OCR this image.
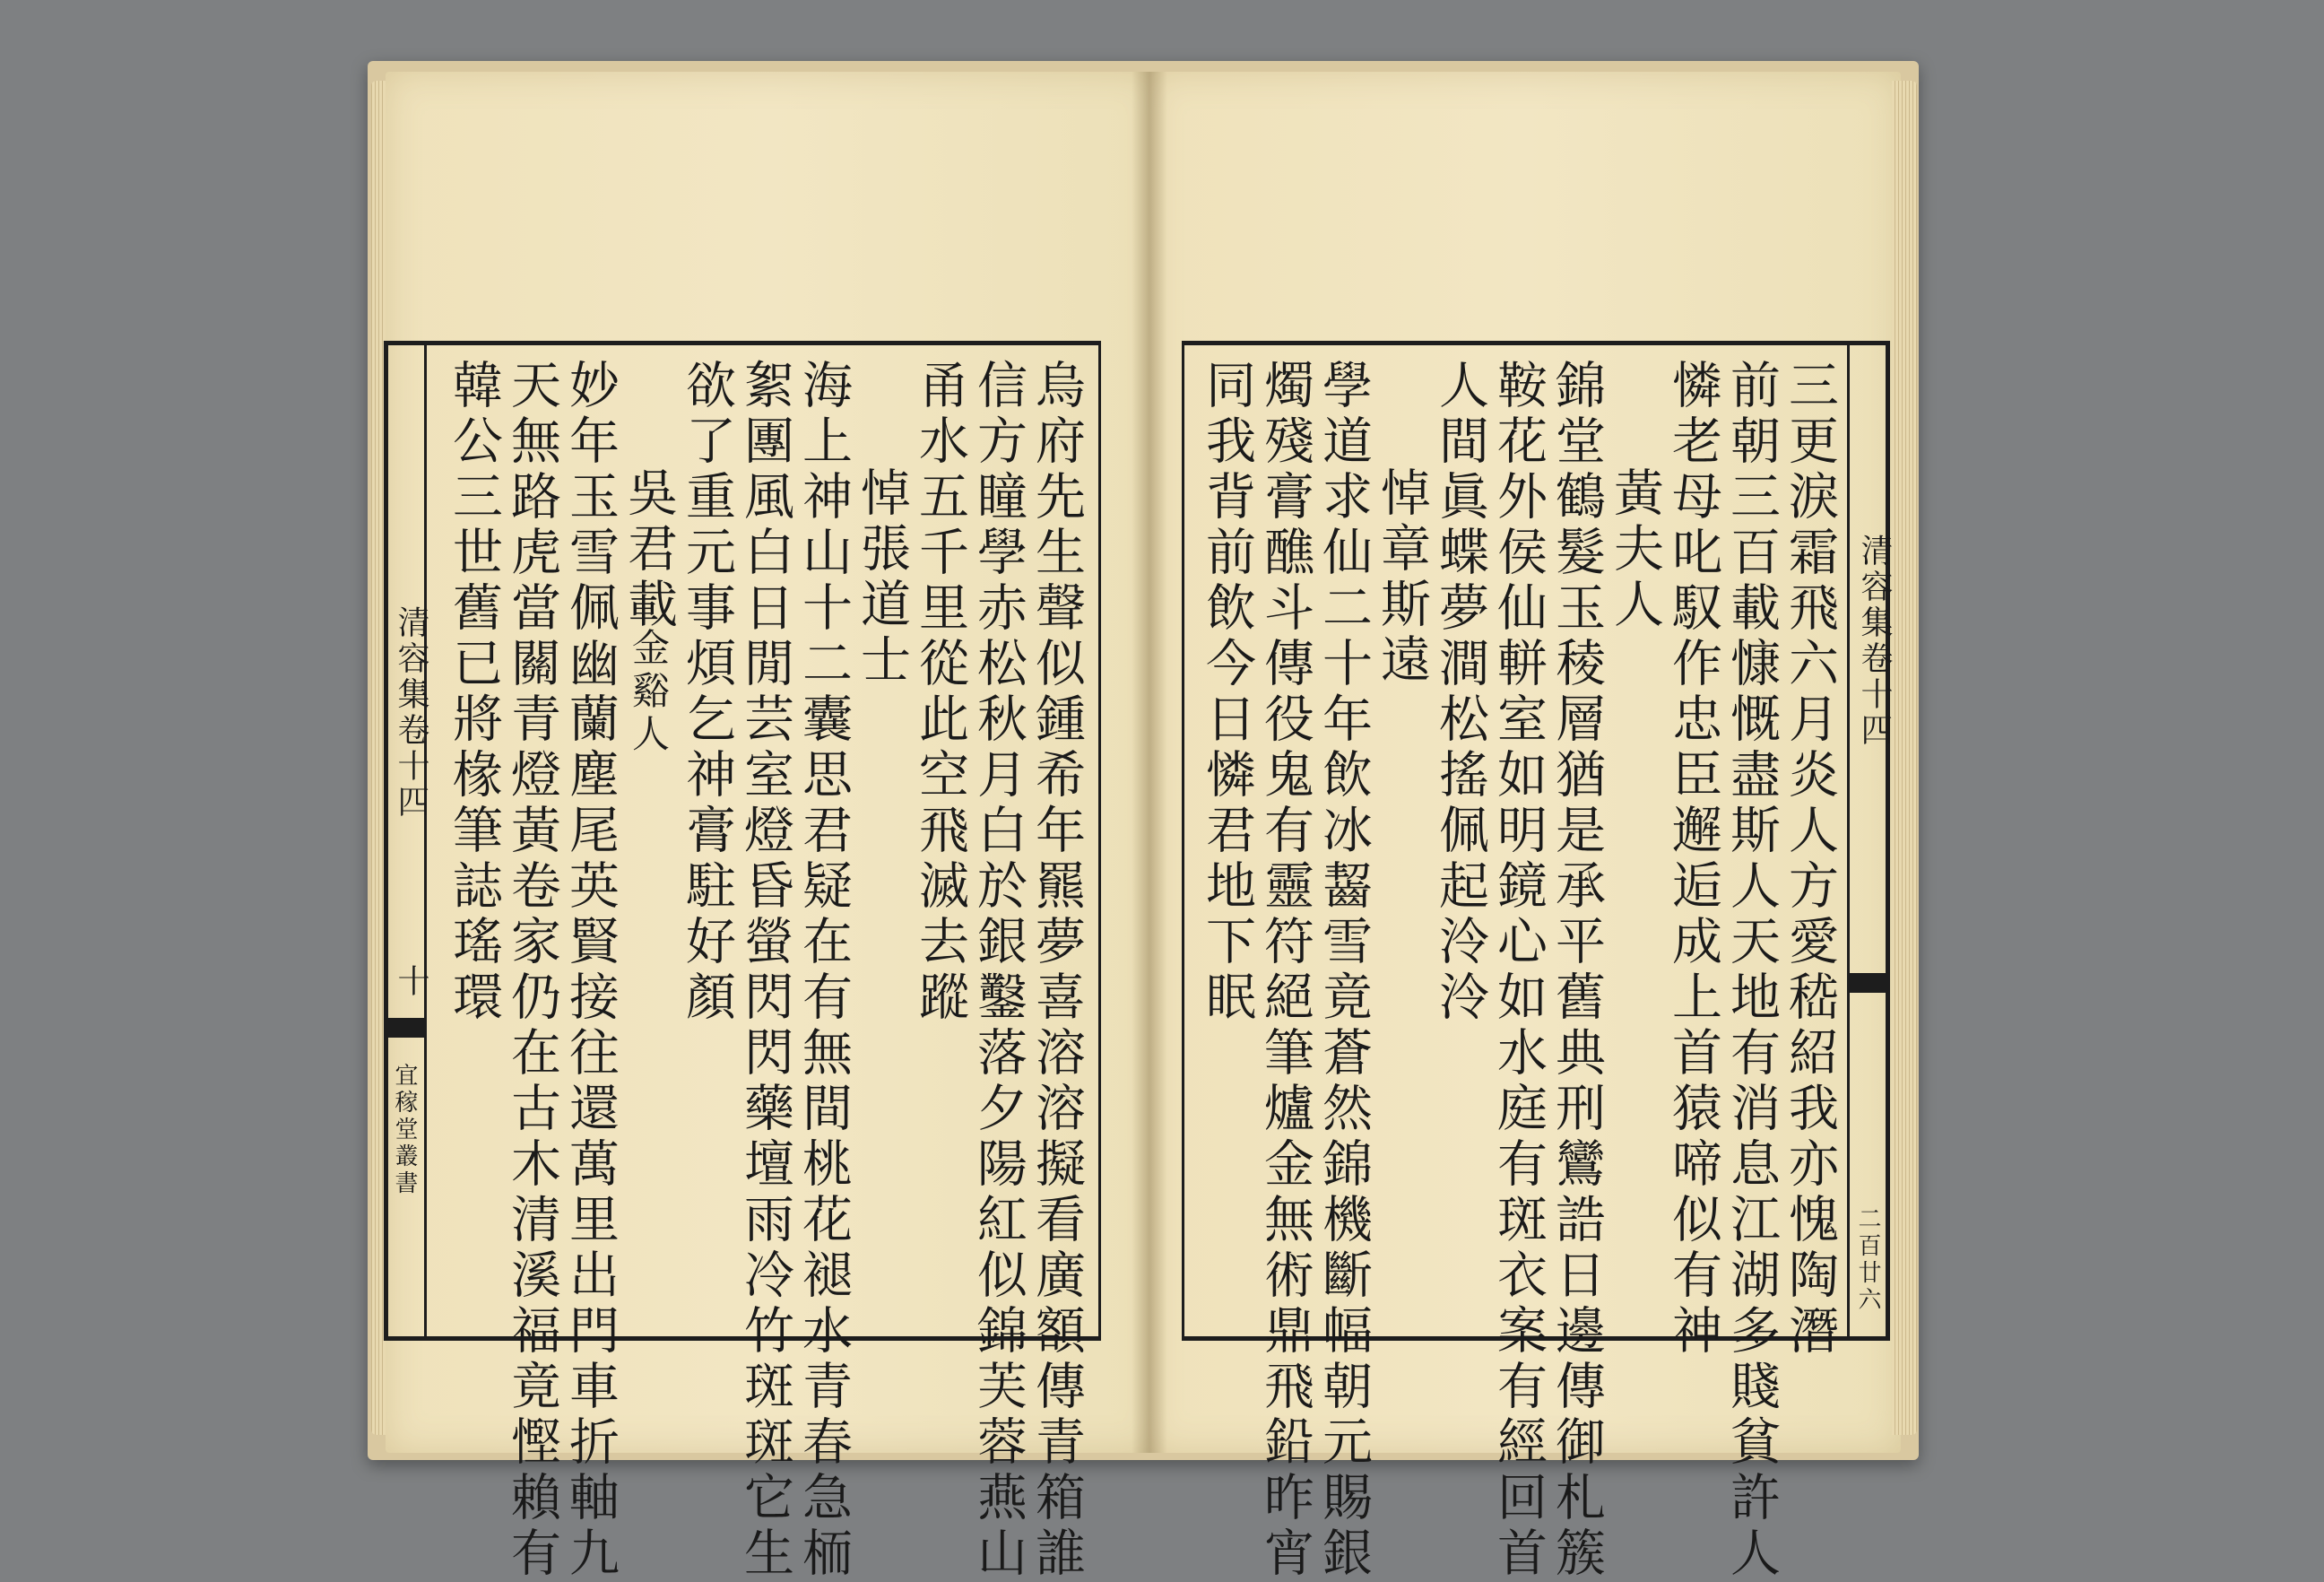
清容集卷十四
十
宜稼堂叢書	烏府先生聲似鍾希年羆夢喜溶溶擬看廣額傳青箱誰
信方瞳學赤松秋月白於銀鑿落夕陽紅似錦芙蓉燕山
甬水五千里從此空飛滅去蹤
悼張道士
海上神山十二囊思君疑在有無間桃花褪水青春急栭
絮團風白日閒芸室燈昏螢閃閃藥壇雨冷竹斑斑它生
欲了重元事煩乞神膏駐好顏
吳君載
金谿人
妙年玉雪佩幽蘭塵尾英賢接往還萬里出門車折軸九
天無路虎當關青燈黃卷家仍在古木清溪福竟慳賴有
韓公三世舊已將椽筆誌瑤環	清容集卷十四
二百廿六
三更淚霜飛六月炎人方愛嵇紹我亦愧陶潛
前朝三百載慷慨盡斯人天地有消息江湖多賤貧許人
憐老母叱馭作忠臣邂逅成上首猿啼似有神
黃夫人
錦堂鶴髮玉稜層猶是承平舊典刑鸞誥日邊傳御札簇
鞍花外侯仙軿室如明鏡心如水庭有斑衣案有經回首
人間眞蝶夢澗松搖佩起泠泠
悼章斯遠
學道求仙二十年飲冰齧雪竟蒼然錦機斷幅朝元賜銀
燭殘膏醮斗傳役鬼有靈符絕筆爐金無術鼎飛鉛昨宵
同我背前飲今日憐君地下眠
